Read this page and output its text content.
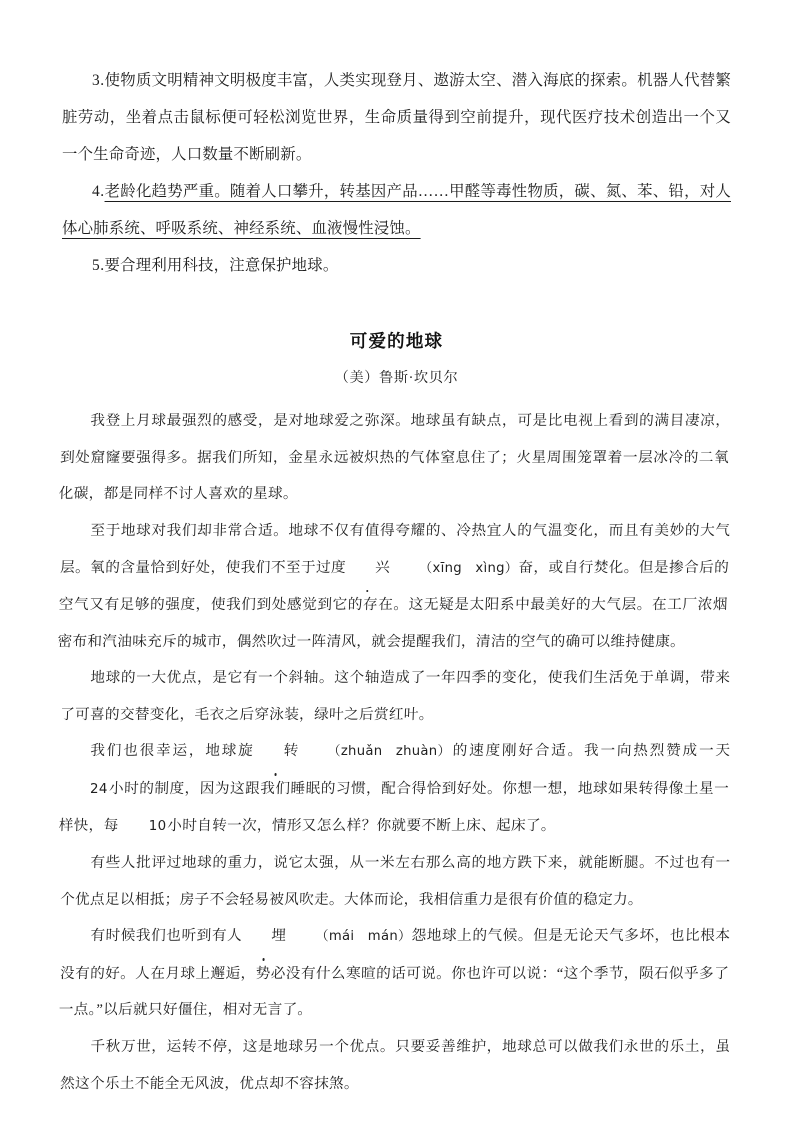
3.使物质文明精神文明极度丰富，人类实现登月、遨游太空、潜入海底的探索。机器人代替繁脏劳动，坐着点击鼠标便可轻松浏览世界，生命质量得到空前提升，现代医疗技术创造出一个又一个生命奇迹，人口数量不断刷新。

4.老龄化趋势严重。随着人口攀升，转基因产品……甲醛等毒性物质，碳、氮、苯、铅，对人体心肺系统、呼吸系统、神经系统、血液慢性浸蚀。

5.要合理利用科技，注意保护地球。

可爱的地球
（美）鲁斯·坎贝尔

我登上月球最强烈的感受，是对地球爱之弥深。地球虽有缺点，可是比电视上看到的满目凄凉，到处窟窿要强得多。据我们所知，金星永远被炽热的气体窒息住了；火星周围笼罩着一层冰冷的二氧化碳，都是同样不讨人喜欢的星球。

至于地球对我们却非常合适。地球不仅有值得夸耀的、冷热宜人的气温变化，而且有美妙的大气层。氧的含量恰到好处，使我们不至于过度 兴 （xīng　xìng）奋，或自行焚化。但是掺合后的空气又有足够的强度，使我们到处感觉到它的存在。这无疑是太阳系中最美好的大气层。在工厂浓烟密布和汽油味充斥的城市，偶然吹过一阵清风，就会提醒我们，清洁的空气的确可以维持健康。

地球的一大优点，是它有一个斜轴。这个轴造成了一年四季的变化，使我们生活免于单调，带来了可喜的交替变化，毛衣之后穿泳装，绿叶之后赏红叶。

我们也很幸运，地球旋 转 （zhuǎn　zhuàn）的速度刚好合适。我一向热烈赞成一天24小时的制度，因为这跟我们睡眠的习惯，配合得恰到好处。你想一想，地球如果转得像土星一样快，每 10小时自转一次，情形又怎么样？你就要不断上床、起床了。

有些人批评过地球的重力，说它太强，从一米左右那么高的地方跌下来，就能断腿。不过也有一个优点足以相抵；房子不会轻易被风吹走。大体而论，我相信重力是很有价值的稳定力。

有时候我们也听到有人 埋 （mái　mán）怨地球上的气候。但是无论天气多坏，也比根本没有的好。人在月球上邂逅，势必没有什么寒暄的话可说。你也许可以说：“这个季节，陨石似乎多了一点。”以后就只好僵住，相对无言了。

千秋万世，运转不停，这是地球另一个优点。只要妥善维护，地球总可以做我们永世的乐土，虽然这个乐土不能全无风波，优点却不容抹煞。
